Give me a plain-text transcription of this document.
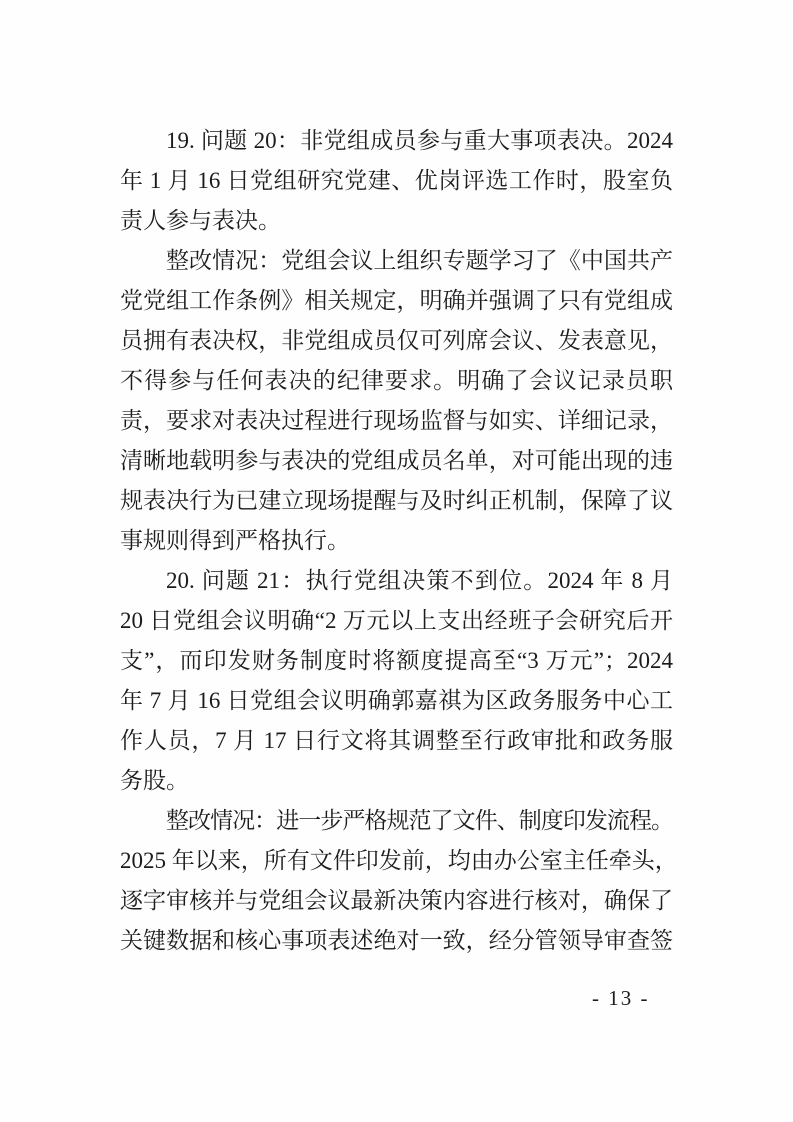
19. 问题 20：非党组成员参与重大事项表决。2024
年 1 月 16 日党组研究党建、优岗评选工作时，股室负
责人参与表决。
整改情况：党组会议上组织专题学习了《中国共产
党党组工作条例》相关规定，明确并强调了只有党组成
员拥有表决权，非党组成员仅可列席会议、发表意见，
不得参与任何表决的纪律要求。明确了会议记录员职
责，要求对表决过程进行现场监督与如实、详细记录，
清晰地载明参与表决的党组成员名单，对可能出现的违
规表决行为已建立现场提醒与及时纠正机制，保障了议
事规则得到严格执行。
20. 问题 21：执行党组决策不到位。2024 年 8 月
20 日党组会议明确“2 万元以上支出经班子会研究后开
支”，而印发财务制度时将额度提高至“3 万元”；2024
年 7 月 16 日党组会议明确郭嘉祺为区政务服务中心工
作人员，7 月 17 日行文将其调整至行政审批和政务服
务股。
整改情况：进一步严格规范了文件、制度印发流程。
2025 年以来，所有文件印发前，均由办公室主任牵头，
逐字审核并与党组会议最新决策内容进行核对，确保了
关键数据和核心事项表述绝对一致，经分管领导审查签
- 13 -
